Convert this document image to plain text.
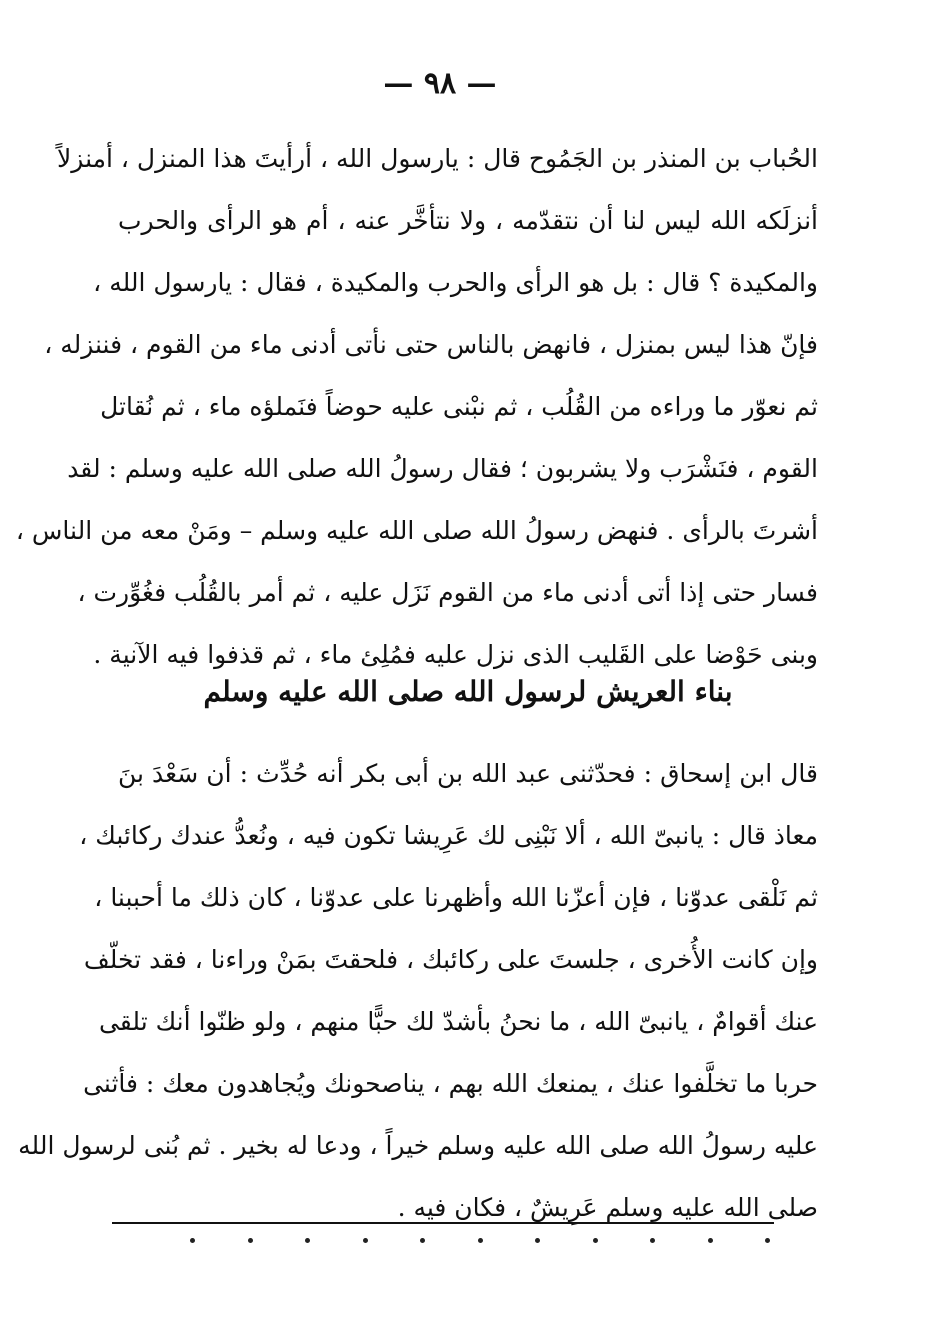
— ٩٨ —
الحُباب بن المنذر بن الجَمُوح قال : يارسول الله ، أرأيتَ هذا المنزل ، أمنزلاً
أنزلَكه الله ليس لنا أن نتقدّمه ، ولا نتأخَّر عنه ، أم هو الرأى والحرب
والمكيدة ؟ قال : بل هو الرأى والحرب والمكيدة ، فقال : يارسول الله ،
فإنّ هذا ليس بمنزل ، فانهض بالناس حتى نأتى أدنى ماء من القوم ، فننزله ،
ثم نعوّر ما وراءه من القُلُب ، ثم نبْنى عليه حوضاً فنَملؤه ماء ، ثم نُقاتل
القوم ، فنَشْرَب ولا يشربون ؛ فقال رسولُ الله صلى الله عليه وسلم : لقد
أشرتَ بالرأى . فنهض رسولُ الله صلى الله عليه وسلم – ومَنْ معه من الناس ،
فسار حتى إذا أتى أدنى ماء من القوم نَزَل عليه ، ثم أمر بالقُلُب فغُوِّرت ،
وبنى حَوْضا على القَليب الذى نزل عليه فمُلِئ ماء ، ثم قذفوا فيه الآنية .
بناء العريش لرسول الله صلى الله عليه وسلم
قال ابن إسحاق : فحدّثنى عبد الله بن أبى بكر أنه حُدِّث : أن سَعْدَ بنَ
معاذ قال : يانبىّ الله ، ألا نَبْنِى لك عَرِيشا تكون فيه ، ونُعدُّ عندك ركائبك ،
ثم نَلْقى عدوّنا ، فإن أعزّنا الله وأظهرنا على عدوّنا ، كان ذلك ما أحببنا ،
وإن كانت الأُخرى ، جلستَ على ركائبك ، فلحقتَ بمَنْ وراءنا ، فقد تخلّف
عنك أقوامٌ ، يانبىّ الله ، ما نحنُ بأشدّ لك حبًّا منهم ، ولو ظنّوا أنك تلقى
حربا ما تخلَّفوا عنك ، يمنعك الله بهم ، يناصحونك ويُجاهدون معك : فأثنى
عليه رسولُ الله صلى الله عليه وسلم خيراً ، ودعا له بخير . ثم بُنى لرسول الله
صلى الله عليه وسلم عَرِيشٌ ، فكان فيه .
